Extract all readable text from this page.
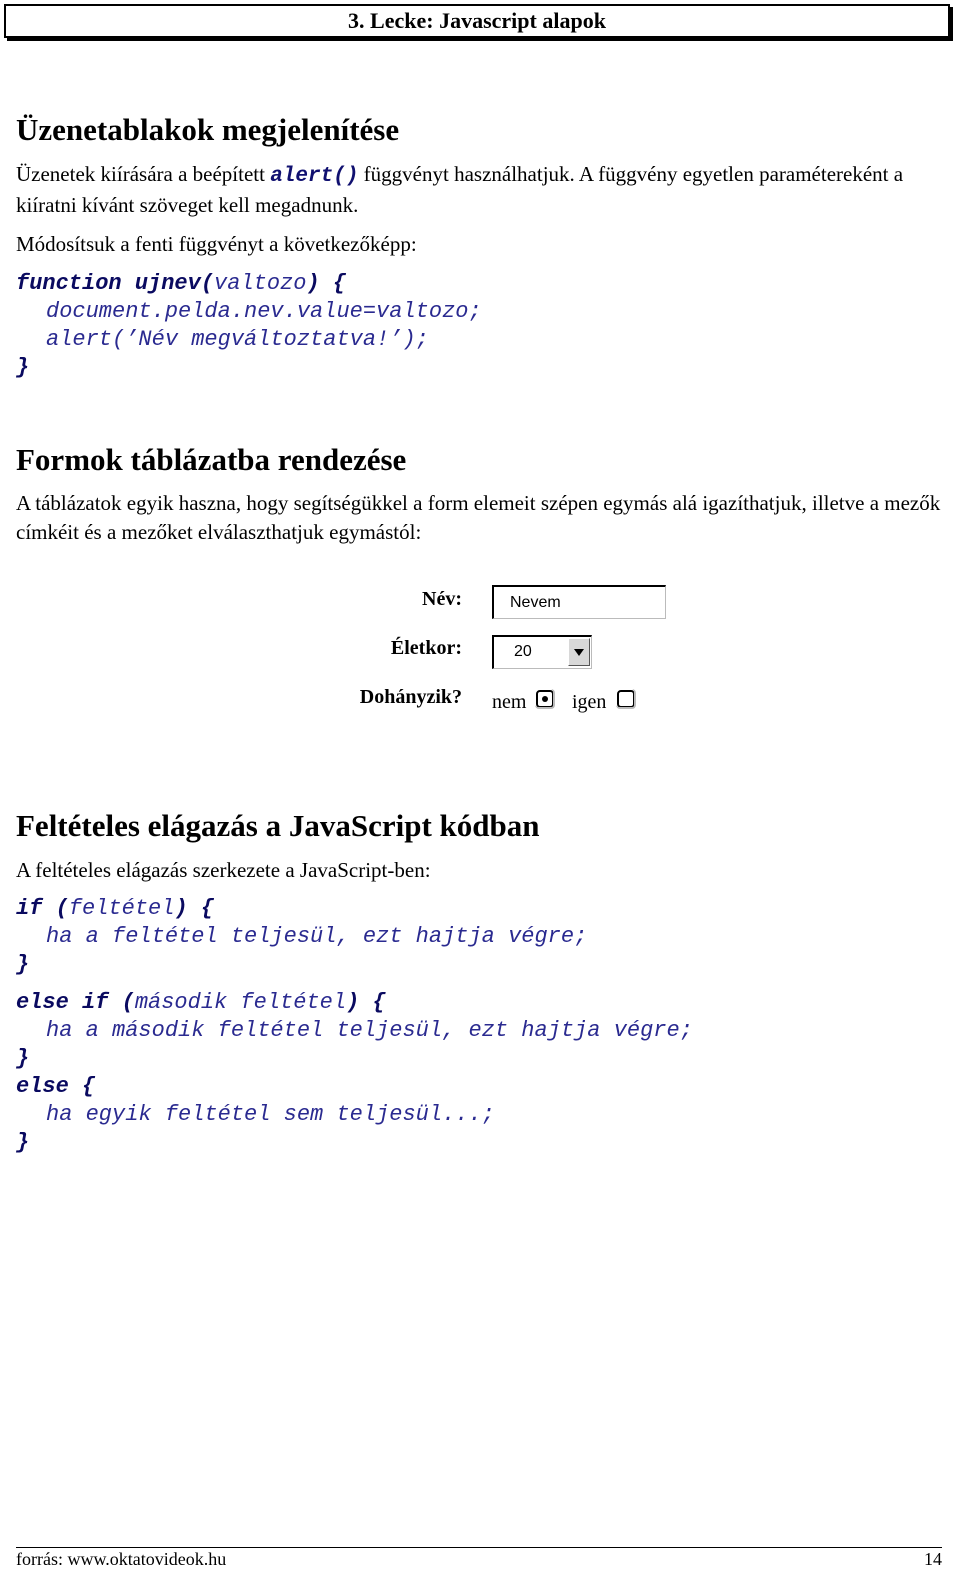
3. Lecke: Javascript alapok
Üzenetablakok megjelenítése

Üzenetek kiírására a beépített alert() függvényt használhatjuk. A függvény egyetlen paramétereként a kiíratni kívánt szöveget kell megadnunk.

Módosítsuk a fenti függvényt a következőképp:

function ujnev(valtozo) {
document.pelda.nev.value=valtozo;
alert(’Név megváltoztatva!’);
}
Formok táblázatba rendezése

A táblázatok egyik haszna, hogy segítségükkel a form elemeit szépen egymás alá igazíthatjuk, illetve a mezők címkéit és a mezőket elválaszthatjuk egymástól:

Név:	Nevem
Életkor:	20
Dohányzik? nem igen
Feltételes elágazás a JavaScript kódban

A feltételes elágazás szerkezete a JavaScript-ben:

if (feltétel) {
ha a feltétel teljesül, ezt hajtja végre;
}
else if (második feltétel) {
ha a második feltétel teljesül, ezt hajtja végre;
}
else {
ha egyik feltétel sem teljesül...;
}
forrás: www.oktatovideok.hu	14
